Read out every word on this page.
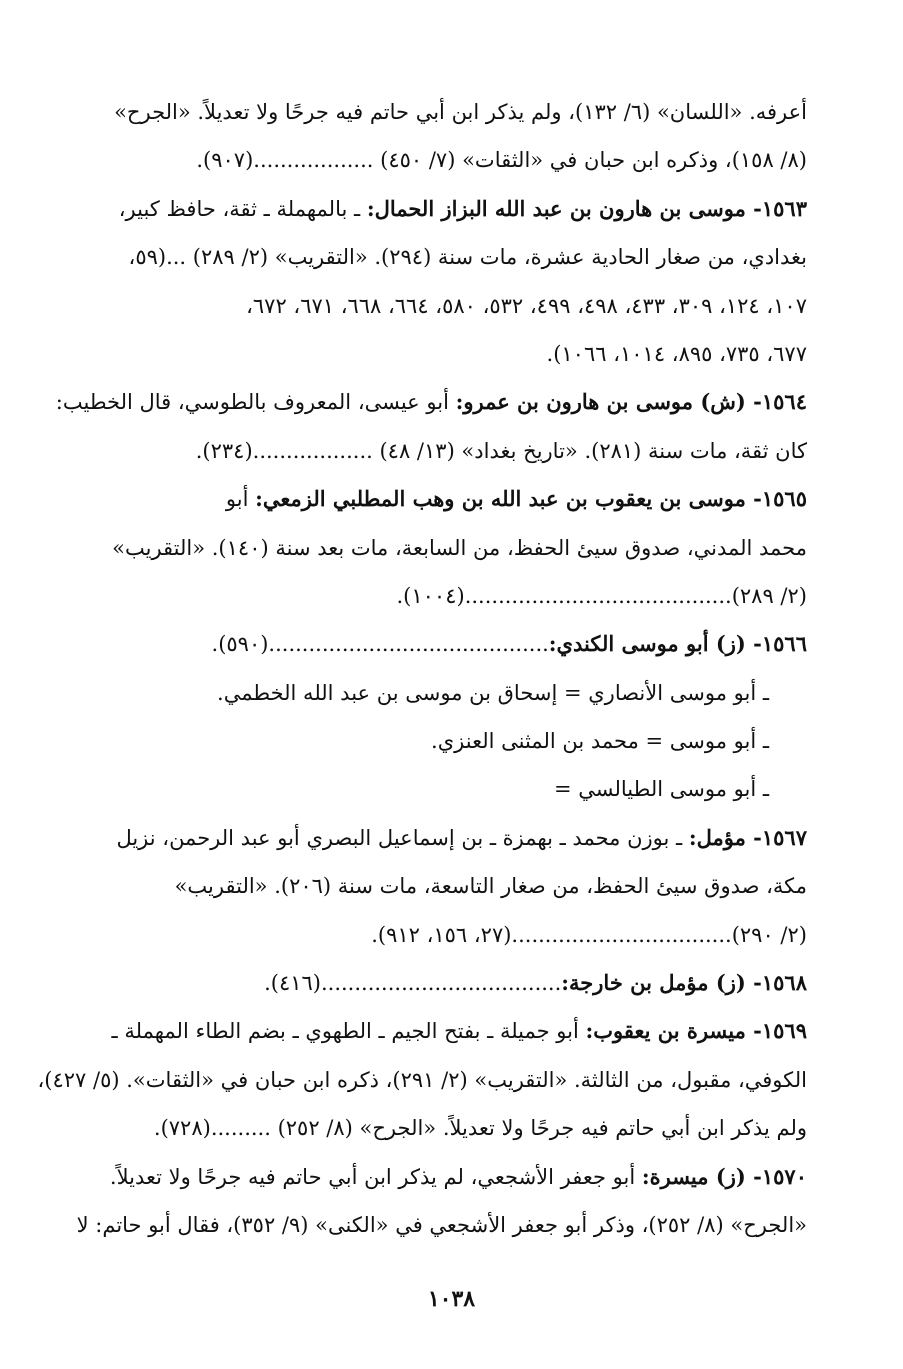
أعرفه. «اللسان» (٦/ ١٣٢)، ولم يذكر ابن أبي حاتم فيه جرحًا ولا تعديلاً. «الجرح»
(٨/ ١٥٨)، وذكره ابن حبان في «الثقات» (٧/ ٤٥٠) ..................(٩٠٧).
١٥٦٣- موسى بن هارون بن عبد الله البزاز الحمال: ـ بالمهملة ـ ثقة، حافظ كبير،
بغدادي، من صغار الحادية عشرة، مات سنة (٢٩٤). «التقريب» (٢/ ٢٨٩) ...(٥٩،
١٠٧، ١٢٤، ٣٠٩، ٤٣٣، ٤٩٨، ٤٩٩، ٥٣٢، ٥٨٠، ٦٦٤، ٦٦٨، ٦٧١، ٦٧٢،
٦٧٧، ٧٣٥، ٨٩٥، ١٠١٤، ١٠٦٦).
١٥٦٤- (ش) موسى بن هارون بن عمرو: أبو عيسى، المعروف بالطوسي، قال الخطيب:
كان ثقة، مات سنة (٢٨١). «تاريخ بغداد» (١٣/ ٤٨) ..................(٢٣٤).
١٥٦٥- موسى بن يعقوب بن عبد الله بن وهب المطلبي الزمعي: أبو
محمد المدني، صدوق سيئ الحفظ، من السابعة، مات بعد سنة (١٤٠). «التقريب»
(٢/ ٢٨٩)........................................(١٠٠٤).
١٥٦٦- (ز) أبو موسى الكندي:..........................................(٥٩٠).
ـ أبو موسى الأنصاري = إسحاق بن موسى بن عبد الله الخطمي.
ـ أبو موسى = محمد بن المثنى العنزي.
ـ أبو موسى الطيالسي =
١٥٦٧- مؤمل: ـ بوزن محمد ـ بهمزة ـ بن إسماعيل البصري أبو عبد الرحمن، نزيل
مكة، صدوق سيئ الحفظ، من صغار التاسعة، مات سنة (٢٠٦). «التقريب»
(٢/ ٢٩٠).................................(٢٧، ١٥٦، ٩١٢).
١٥٦٨- (ز) مؤمل بن خارجة:....................................(٤١٦).
١٥٦٩- ميسرة بن يعقوب: أبو جميلة ـ بفتح الجيم ـ الطهوي ـ بضم الطاء المهملة ـ
الكوفي، مقبول، من الثالثة. «التقريب» (٢/ ٢٩١)، ذكره ابن حبان في «الثقات». (٥/ ٤٢٧)،
ولم يذكر ابن أبي حاتم فيه جرحًا ولا تعديلاً. «الجرح» (٨/ ٢٥٢) .........(٧٢٨).
١٥٧٠- (ز) ميسرة: أبو جعفر الأشجعي، لم يذكر ابن أبي حاتم فيه جرحًا ولا تعديلاً.
«الجرح» (٨/ ٢٥٢)، وذكر أبو جعفر الأشجعي في «الكنى» (٩/ ٣٥٢)، فقال أبو حاتم: لا
١٠٣٨
